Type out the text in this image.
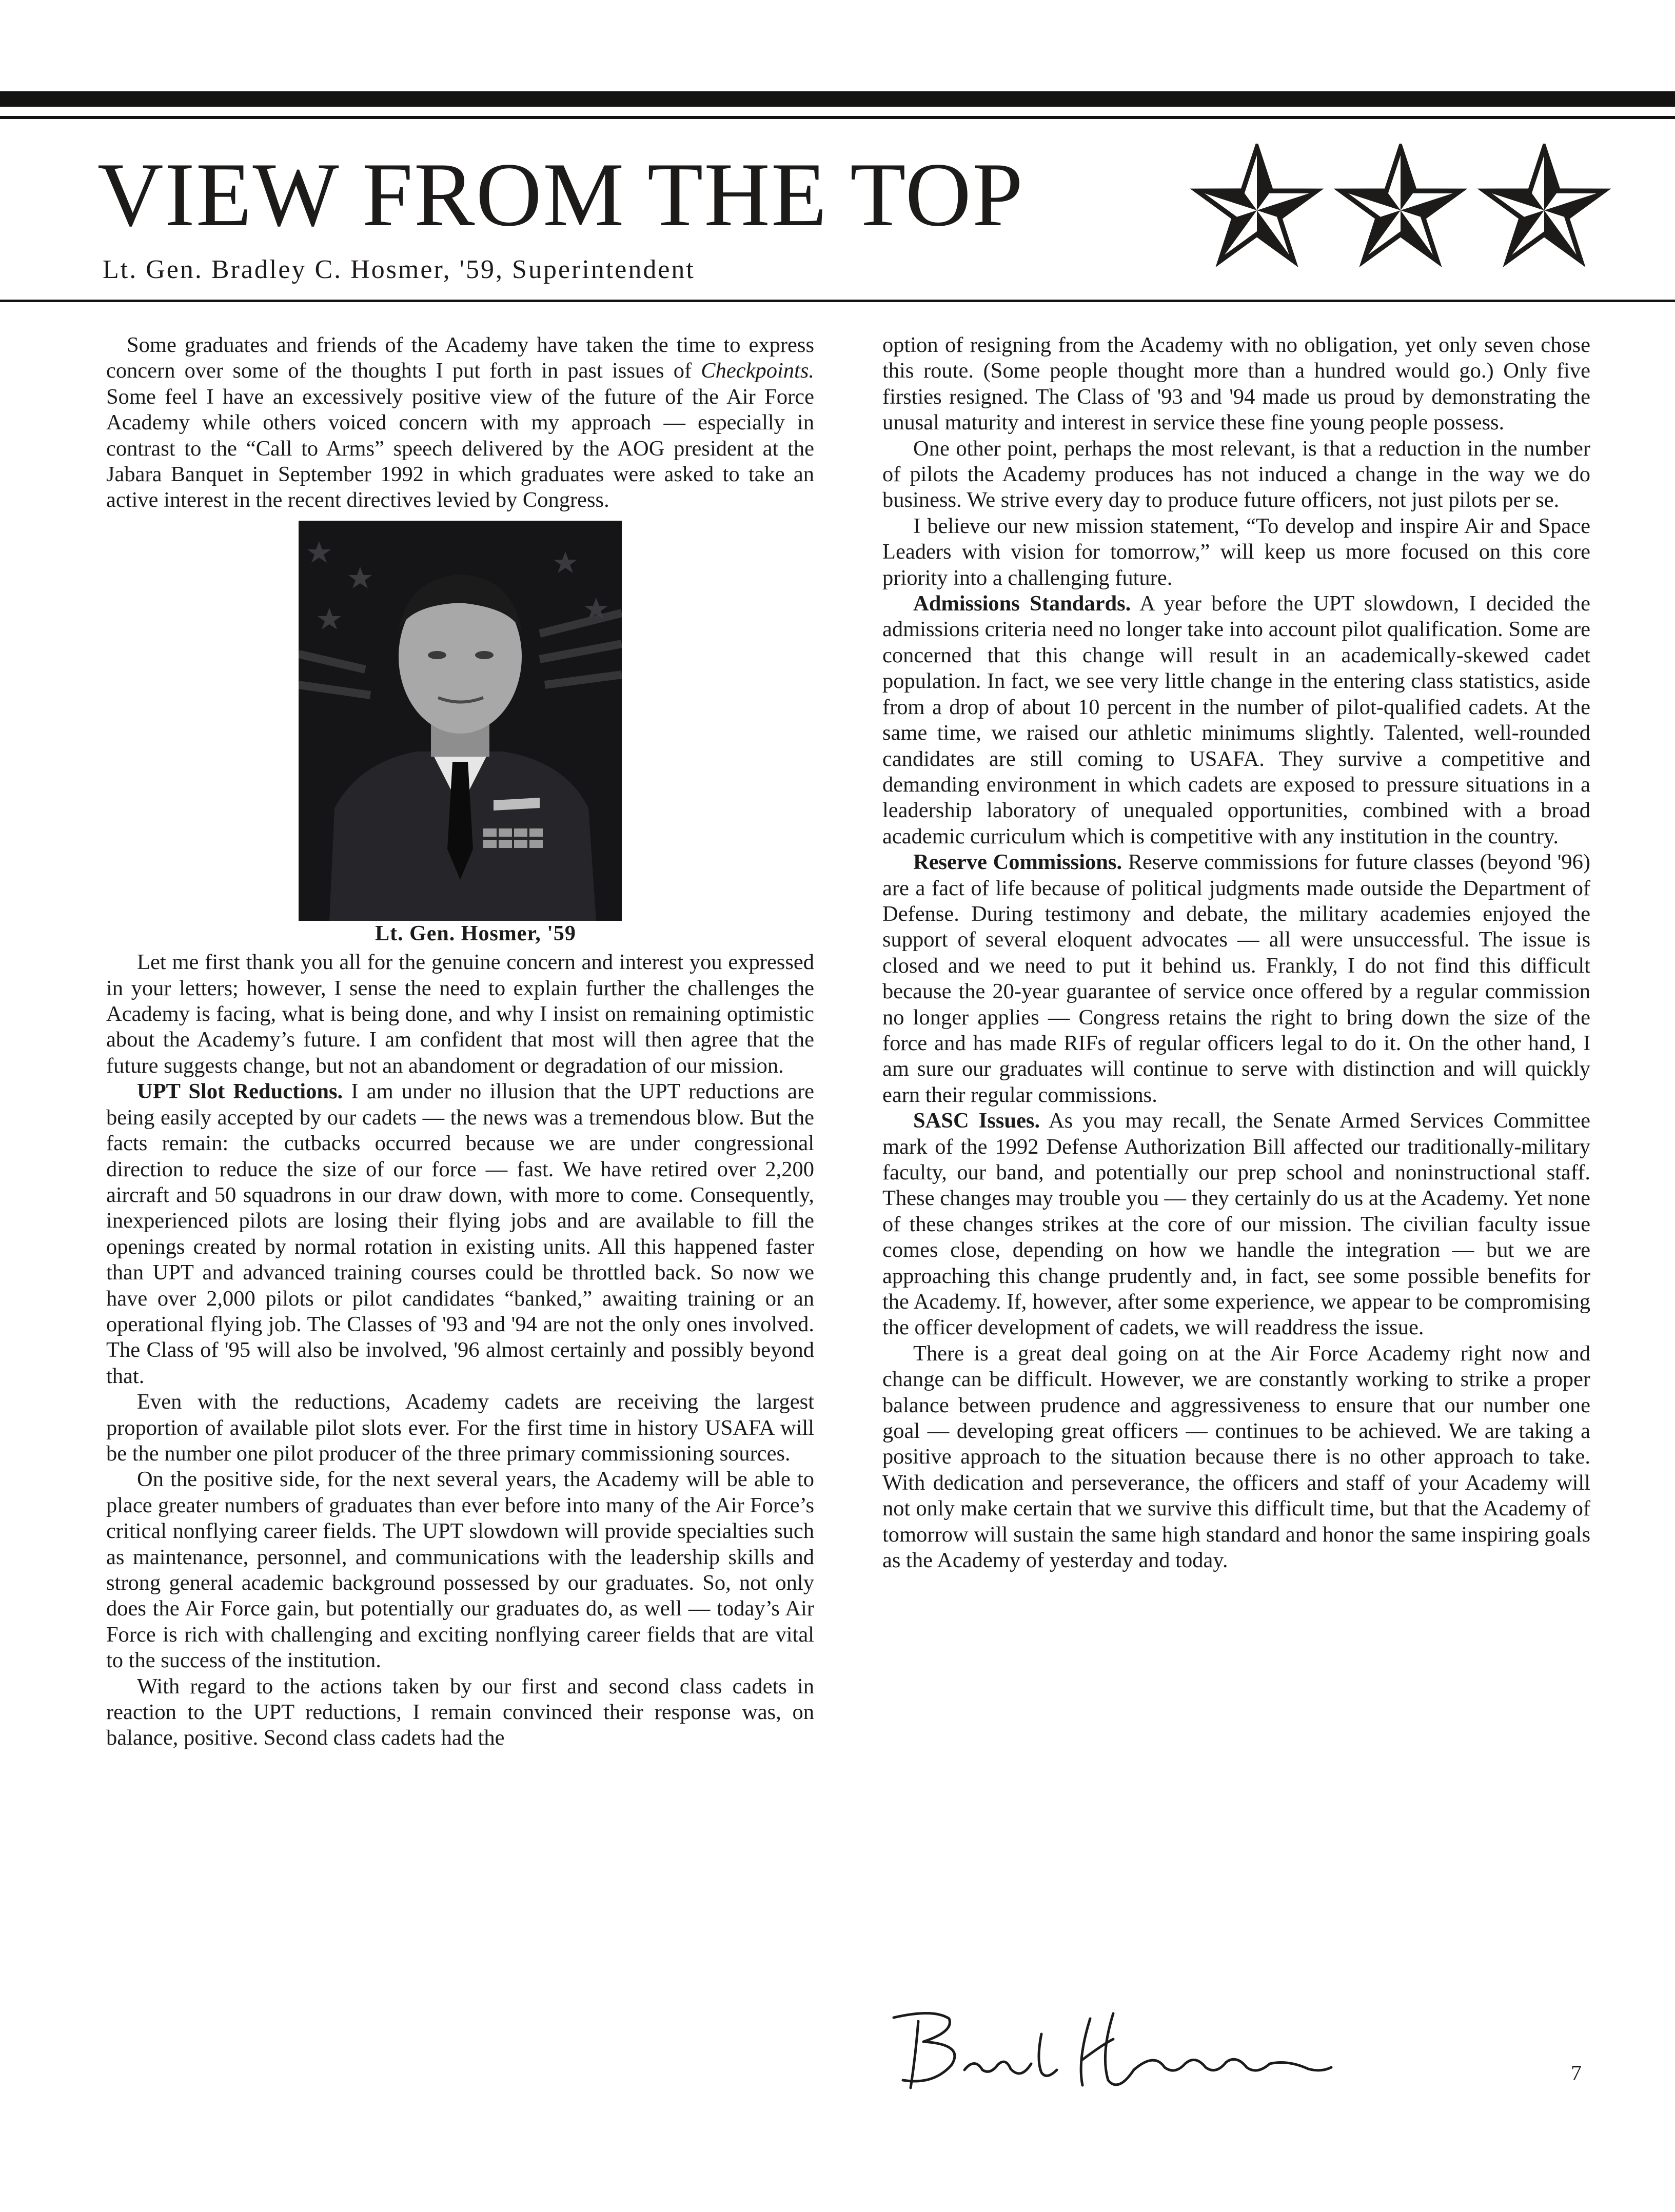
VIEW FROM THE TOP

Lt. Gen. Bradley C. Hosmer, '59, Superintendent

Some graduates and friends of the Academy have taken the time to express concern over some of the thoughts I put forth in past issues of Checkpoints. Some feel I have an excessively positive view of the future of the Air Force Academy while others voiced concern with my approach — especially in contrast to the “Call to Arms” speech delivered by the AOG president at the Jabara Banquet in September 1992 in which graduates were asked to take an active interest in the recent directives levied by Congress.

Lt. Gen. Hosmer, '59

Let me first thank you all for the genuine concern and interest you expressed in your letters; however, I sense the need to explain further the challenges the Academy is facing, what is being done, and why I insist on remaining optimistic about the Academy’s future. I am confident that most will then agree that the future suggests change, but not an abandoment or degradation of our mission.

UPT Slot Reductions. I am under no illusion that the UPT reductions are being easily accepted by our cadets — the news was a tremendous blow. But the facts remain: the cutbacks occurred because we are under congressional direction to reduce the size of our force — fast. We have retired over 2,200 aircraft and 50 squadrons in our draw down, with more to come. Consequently, inexperienced pilots are losing their flying jobs and are available to fill the openings created by normal rotation in existing units. All this happened faster than UPT and advanced training courses could be throttled back. So now we have over 2,000 pilots or pilot candidates “banked,” awaiting training or an operational flying job. The Classes of '93 and '94 are not the only ones involved. The Class of '95 will also be involved, '96 almost certainly and possibly beyond that.

Even with the reductions, Academy cadets are receiving the largest proportion of available pilot slots ever. For the first time in history USAFA will be the number one pilot producer of the three primary commissioning sources.

On the positive side, for the next several years, the Academy will be able to place greater numbers of graduates than ever before into many of the Air Force’s critical nonflying career fields. The UPT slowdown will provide specialties such as maintenance, personnel, and communications with the leadership skills and strong general academic background possessed by our graduates. So, not only does the Air Force gain, but potentially our graduates do, as well — today’s Air Force is rich with challenging and exciting nonflying career fields that are vital to the success of the institution.

With regard to the actions taken by our first and second class cadets in reaction to the UPT reductions, I remain convinced their response was, on balance, positive. Second class cadets had the

option of resigning from the Academy with no obligation, yet only seven chose this route. (Some people thought more than a hundred would go.) Only five firsties resigned. The Class of '93 and '94 made us proud by demonstrating the unusal maturity and interest in service these fine young people possess.

One other point, perhaps the most relevant, is that a reduction in the number of pilots the Academy produces has not induced a change in the way we do business. We strive every day to produce future officers, not just pilots per se.

I believe our new mission statement, “To develop and inspire Air and Space Leaders with vision for tomorrow,” will keep us more focused on this core priority into a challenging future.

Admissions Standards. A year before the UPT slowdown, I decided the admissions criteria need no longer take into account pilot qualification. Some are concerned that this change will result in an academically-skewed cadet population. In fact, we see very little change in the entering class statistics, aside from a drop of about 10 percent in the number of pilot-qualified cadets. At the same time, we raised our athletic minimums slightly. Talented, well-rounded candidates are still coming to USAFA. They survive a competitive and demanding environment in which cadets are exposed to pressure situations in a leadership laboratory of unequaled opportunities, combined with a broad academic curriculum which is competitive with any institution in the country.

Reserve Commissions. Reserve commissions for future classes (beyond '96) are a fact of life because of political judgments made outside the Department of Defense. During testimony and debate, the military academies enjoyed the support of several eloquent advocates — all were unsuccessful. The issue is closed and we need to put it behind us. Frankly, I do not find this difficult because the 20-year guarantee of service once offered by a regular commission no longer applies — Congress retains the right to bring down the size of the force and has made RIFs of regular officers legal to do it. On the other hand, I am sure our graduates will continue to serve with distinction and will quickly earn their regular commissions.

SASC Issues. As you may recall, the Senate Armed Services Committee mark of the 1992 Defense Authorization Bill affected our traditionally-military faculty, our band, and potentially our prep school and noninstructional staff. These changes may trouble you — they certainly do us at the Academy. Yet none of these changes strikes at the core of our mission. The civilian faculty issue comes close, depending on how we handle the integration — but we are approaching this change prudently and, in fact, see some possible benefits for the Academy. If, however, after some experience, we appear to be compromising the officer development of cadets, we will readdress the issue.

There is a great deal going on at the Air Force Academy right now and change can be difficult. However, we are constantly working to strike a proper balance between prudence and aggressiveness to ensure that our number one goal — developing great officers — continues to be achieved. We are taking a positive approach to the situation because there is no other approach to take. With dedication and perseverance, the officers and staff of your Academy will not only make certain that we survive this difficult time, but that the Academy of tomorrow will sustain the same high standard and honor the same inspiring goals as the Academy of yesterday and today.

7
